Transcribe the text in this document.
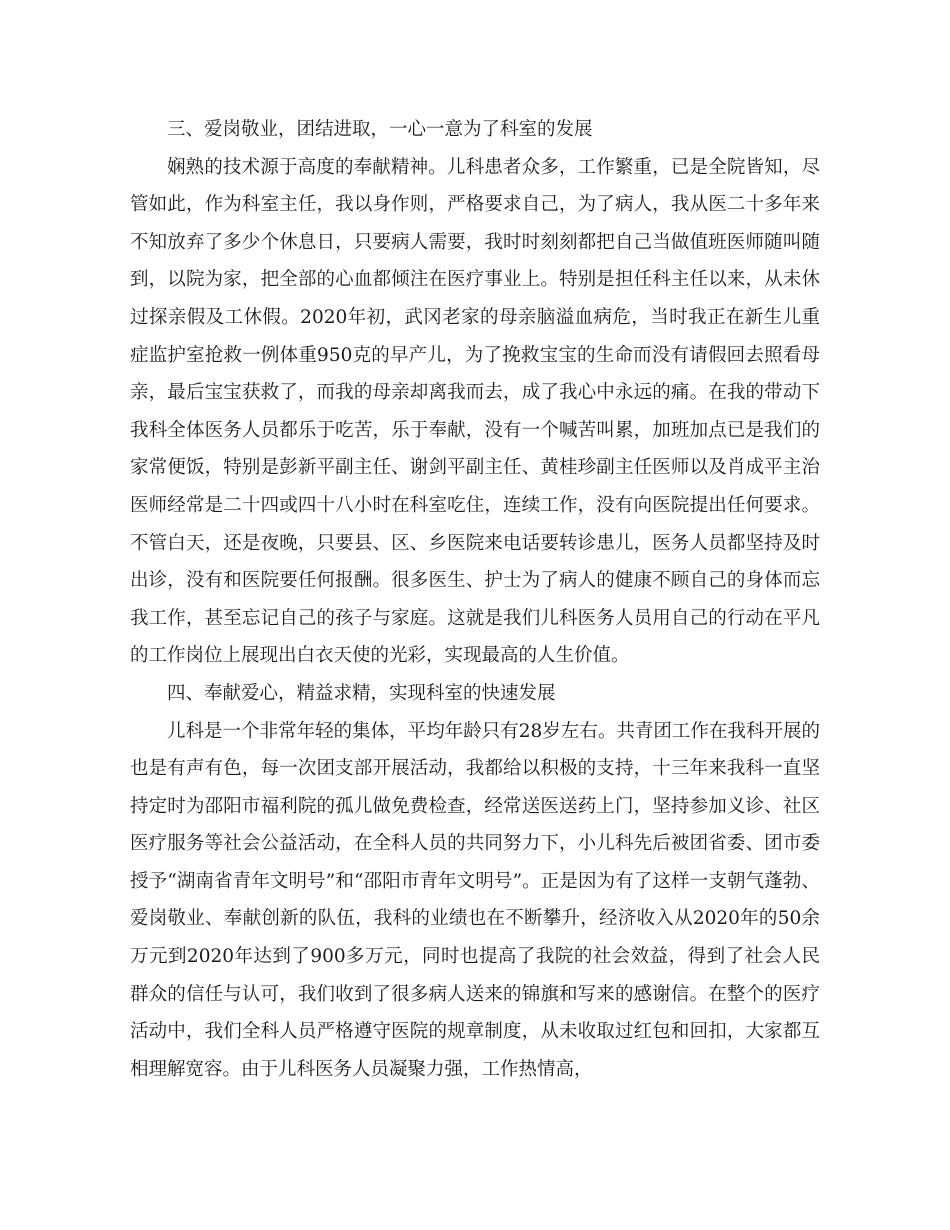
三、爱岗敬业，团结进取，一心一意为了科室的发展

娴熟的技术源于高度的奉献精神。儿科患者众多，工作繁重，已是全院皆知，尽管如此，作为科室主任，我以身作则，严格要求自己，为了病人，我从医二十多年来不知放弃了多少个休息日，只要病人需要，我时时刻刻都把自己当做值班医师随叫随到，以院为家，把全部的心血都倾注在医疗事业上。特别是担任科主任以来，从未休过探亲假及工休假。2020年初，武冈老家的母亲脑溢血病危，当时我正在新生儿重症监护室抢救一例体重950克的早产儿，为了挽救宝宝的生命而没有请假回去照看母亲，最后宝宝获救了，而我的母亲却离我而去，成了我心中永远的痛。在我的带动下我科全体医务人员都乐于吃苦，乐于奉献，没有一个喊苦叫累，加班加点已是我们的家常便饭，特别是彭新平副主任、谢剑平副主任、黄桂珍副主任医师以及肖成平主治医师经常是二十四或四十八小时在科室吃住，连续工作，没有向医院提出任何要求。不管白天，还是夜晚，只要县、区、乡医院来电话要转诊患儿，医务人员都坚持及时出诊，没有和医院要任何报酬。很多医生、护士为了病人的健康不顾自己的身体而忘我工作，甚至忘记自己的孩子与家庭。这就是我们儿科医务人员用自己的行动在平凡的工作岗位上展现出白衣天使的光彩，实现最高的人生价值。

四、奉献爱心，精益求精，实现科室的快速发展

儿科是一个非常年轻的集体，平均年龄只有28岁左右。共青团工作在我科开展的也是有声有色，每一次团支部开展活动，我都给以积极的支持，十三年来我科一直坚持定时为邵阳市福利院的孤儿做免费检查，经常送医送药上门，坚持参加义诊、社区医疗服务等社会公益活动，在全科人员的共同努力下，小儿科先后被团省委、团市委授予“湖南省青年文明号”和“邵阳市青年文明号”。正是因为有了这样一支朝气蓬勃、爱岗敬业、奉献创新的队伍，我科的业绩也在不断攀升，经济收入从2020年的50余万元到2020年达到了900多万元，同时也提高了我院的社会效益，得到了社会人民群众的信任与认可，我们收到了很多病人送来的锦旗和写来的感谢信。在整个的医疗活动中，我们全科人员严格遵守医院的规章制度，从未收取过红包和回扣，大家都互相理解宽容。由于儿科医务人员凝聚力强，工作热情高，
